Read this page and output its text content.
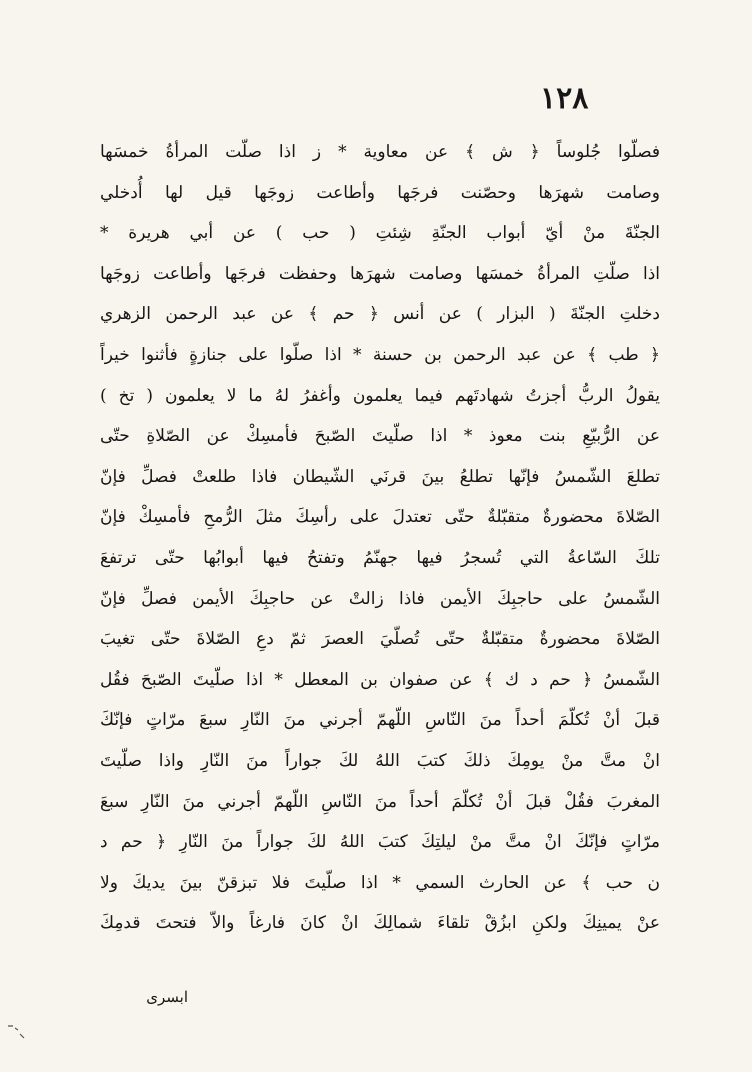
١٢٨
فصلّوا جُلوساً ﴿ ش ﴾ عن معاوية * ز اذا صلّت المرأةُ خمسَها
وصامت شهرَها وحصّنت فرجَها وأطاعت زوجَها قيل لها أُدخلي
الجنّةَ منْ أيّ أبواب الجنّةِ شِئتِ ( حب ) عن أبي هريرة *
اذا صلّتِ المرأةُ خمسَها وصامت شهرَها وحفظت فرجَها وأطاعت زوجَها
دخلتِ الجنّةَ ( البزار ) عن أنس ﴿ حم ﴾ عن عبد الرحمن الزهري
﴿ طب ﴾ عن عبد الرحمن بن حسنة * اذا صلّوا على جنازةٍ فأثنوا خيراً
يقولُ الربُّ أجزتُ شهادتَهم فيما يعلمون وأغفرُ لهُ ما لا يعلمون ( تخ )
عن الرُّبيّعِ بنت معوذ * اذا صلّيتَ الصّبحَ فأمسِكْ عن الصّلاةِ حتّى
تطلعَ الشّمسُ فإنّها تطلعُ بينَ قرنَي الشّيطان فاذا طلعتْ فصلِّ فإنّ
الصّلاةَ محضورةٌ متقبّلةٌ حتّى تعتدلَ على رأسِكَ مثلَ الرُّمحِ فأمسِكْ فإنّ
تلكَ السّاعةُ التي تُسجرُ فيها جهنّمُ وتفتحُ فيها أبوابُها حتّى ترتفعَ
الشّمسُ على حاجبِكَ الأيمن فاذا زالتْ عن حاجبِكَ الأيمن فصلِّ فإنّ
الصّلاةَ محضورةٌ متقبّلةٌ حتّى تُصلّيَ العصرَ ثمّ دعِ الصّلاةَ حتّى تغيبَ
الشّمسُ ﴿ حم د ك ﴾ عن صفوان بن المعطل * اذا صلّيتَ الصّبحَ فقُل
قبلَ أنْ تُكلّمَ أحداً منَ النّاسِ اللّهمّ أجرني منَ النّارِ سبعَ مرّاتٍ فإنّكَ
انْ متَّ منْ يومِكَ ذلكَ كتبَ اللهُ لكَ جواراً منَ النّارِ واذا صلّيتَ
المغربَ فقُلْ قبلَ أنْ تُكلّمَ أحداً منَ النّاسِ اللّهمّ أجرني منَ النّارِ سبعَ
مرّاتٍ فإنّكَ انْ متَّ منْ ليلتِكَ كتبَ اللهُ لكَ جواراً منَ النّارِ ﴿ حم د
ن حب ﴾ عن الحارث السمي * اذا صلّيتَ فلا تبزقنّ بينَ يديكَ ولا
عنْ يمينِكَ ولكنِ ابزُقْ تلقاءَ شمالِكَ انْ كانَ فارغاً والاّ فتحتَ قدمِكَ
ابسرى
